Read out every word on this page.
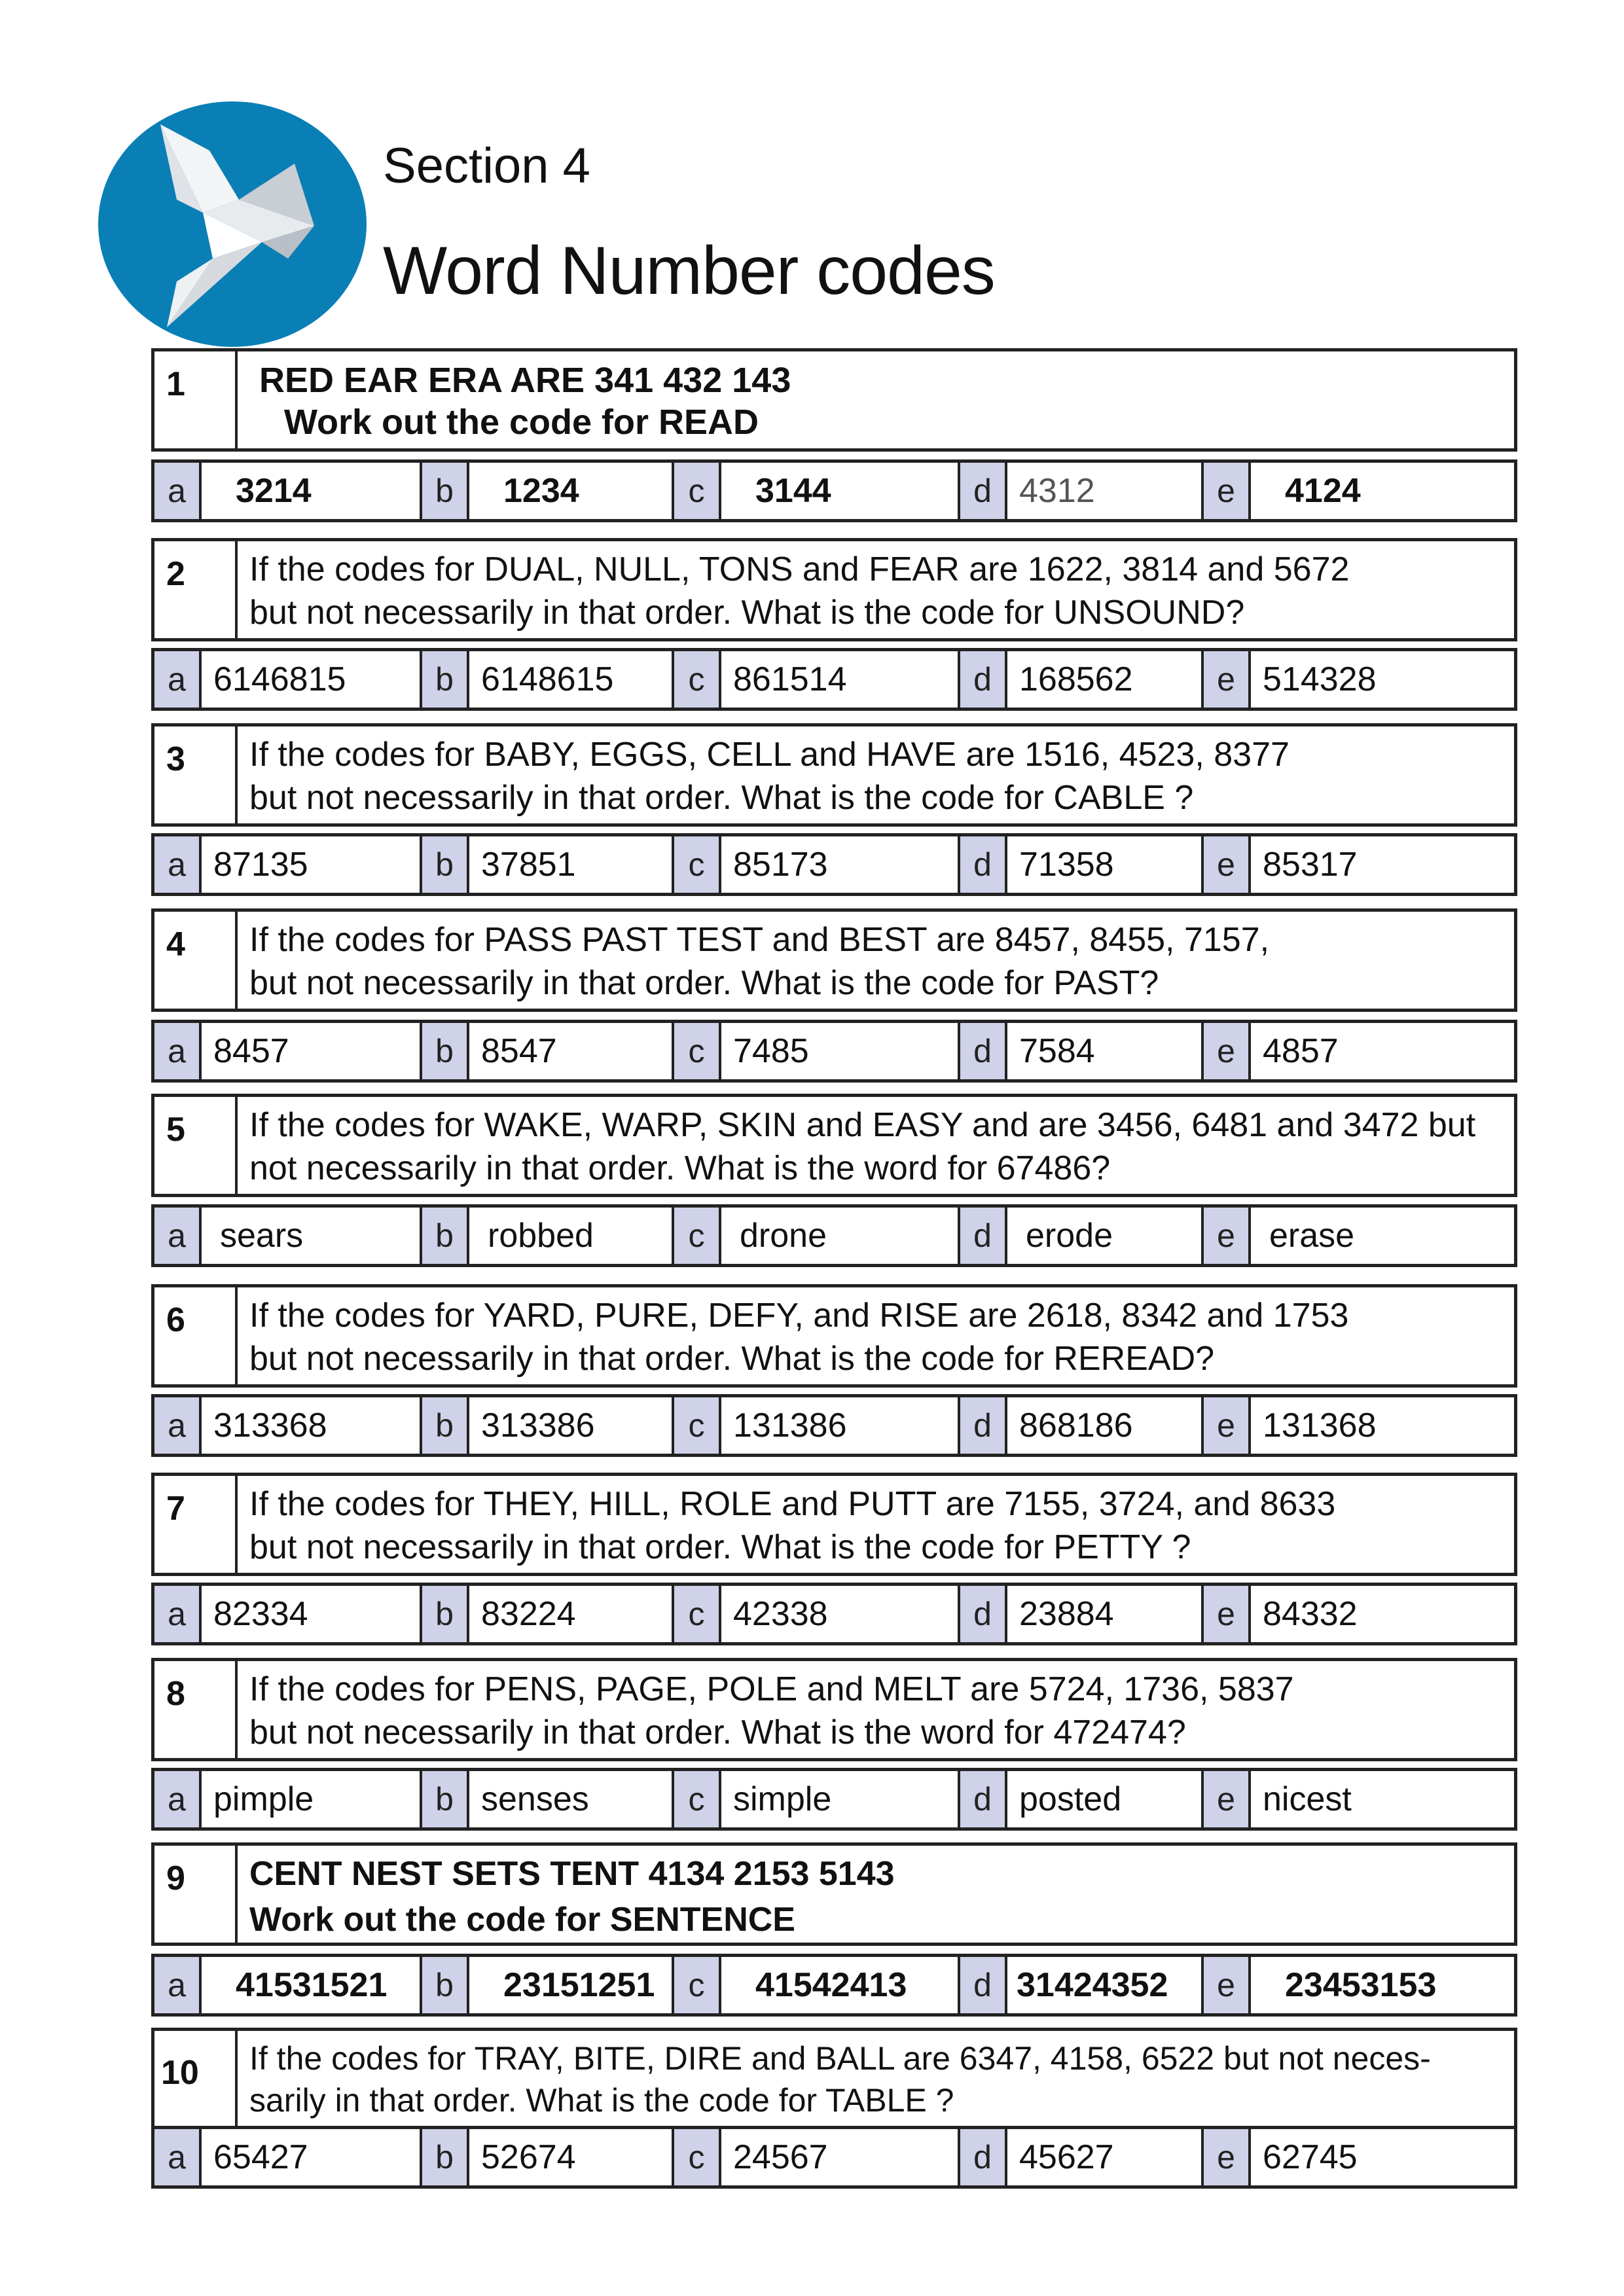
Section 4
Word Number codes
1	RED EAR ERA ARE 341 432 143
Work out the code for READ
a	3214	b	1234	c	3144	d 4312	e	4124
2	If the codes for DUAL, NULL, TONS and FEAR are 1622, 3814 and 5672
but not necessarily in that order. What is the code for UNSOUND?
a 6146815	b 6148615	c 861514	d 168562	e 514328
3	If the codes for BABY, EGGS, CELL and HAVE are 1516, 4523, 8377
but not necessarily in that order. What is the code for CABLE ?
a 87135	b 37851	c 85173	d 71358	e 85317
4	If the codes for PASS PAST TEST and BEST are 8457, 8455, 7157,
but not necessarily in that order. What is the code for PAST?
a 8457	b 8547	c 7485	d 7584	e 4857
5	If the codes for WAKE, WARP, SKIN and EASY and are 3456, 6481 and 3472 but
not necessarily in that order. What is the word for 67486?
a	sears	b	robbed	c	drone	d	erode	e	erase
6	If the codes for YARD, PURE, DEFY, and RISE are 2618, 8342 and 1753
but not necessarily in that order. What is the code for REREAD?
a 313368	b 313386	c 131386	d 868186	e 131368
7	If the codes for THEY, HILL, ROLE and PUTT are 7155, 3724, and 8633
but not necessarily in that order. What is the code for PETTY ?
a 82334	b 83224	c 42338	d 23884	e 84332
8	If the codes for PENS, PAGE, POLE and MELT are 5724, 1736, 5837
but not necessarily in that order. What is the word for 472474?
a pimple	b senses	c simple	d posted	e nicest
9	CENT NEST SETS TENT 4134 2153 5143
Work out the code for SENTENCE
a	41531521	b	23151251	c	41542413	d 31424352	e	23453153
10	If the codes for TRAY, BITE, DIRE and BALL are 6347, 4158, 6522 but not neces-
sarily in that order. What is the code for TABLE ?
a 65427	b 52674	c 24567	d 45627	e 62745
